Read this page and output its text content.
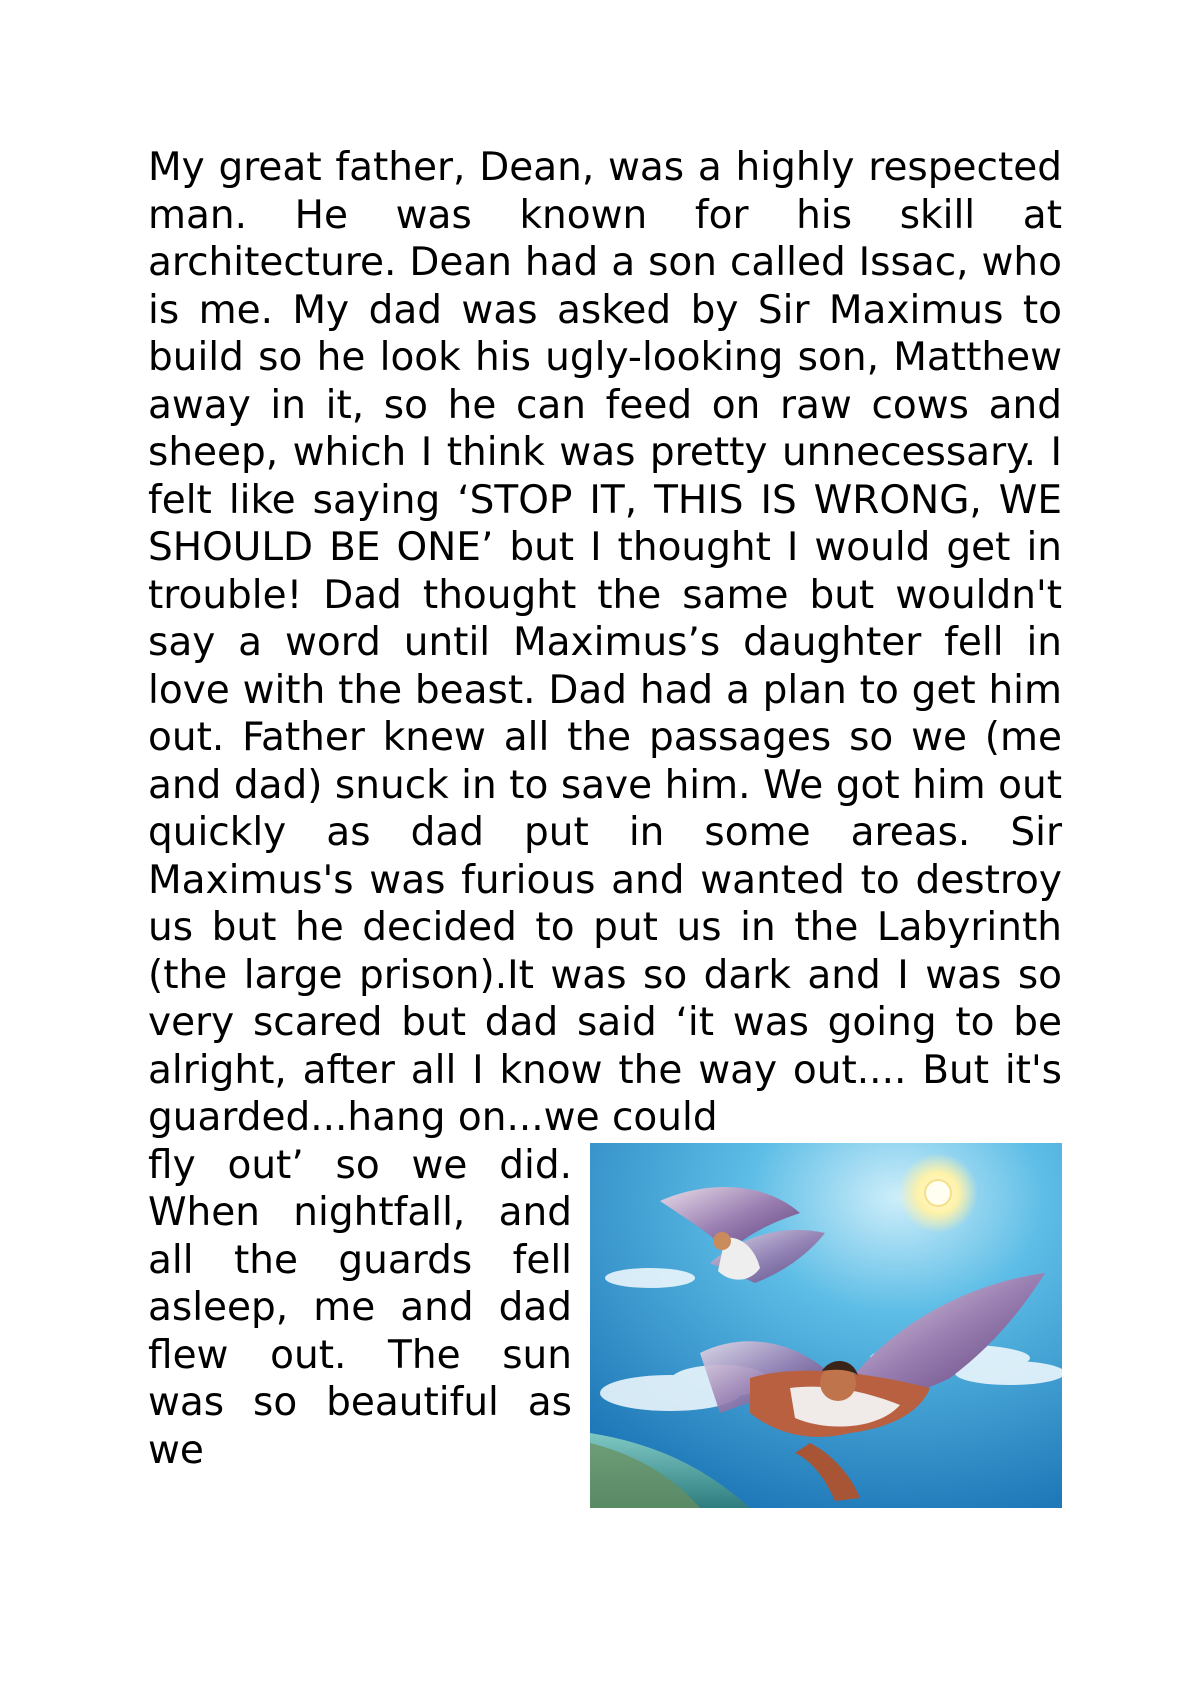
My great father, Dean, was a highly respected man. He was known for his skill at architecture. Dean had a son called Issac, who is me. My dad was asked by Sir Maximus to build so he look his ugly-looking son, Matthew away in it, so he can feed on raw cows and sheep, which I think was pretty unnecessary. I felt like saying ‘STOP IT, THIS IS WRONG, WE SHOULD BE ONE’ but I thought I would get in trouble! Dad thought the same but wouldn't say a word until Maximus’s daughter fell in love with the beast. Dad had a plan to get him out. Father knew all the passages so we (me and dad) snuck in to save him. We got him out quickly as dad put in some areas. Sir Maximus's was furious and wanted to destroy us but he decided to put us in the Labyrinth (the large prison).It was so dark and I was so very scared but dad said ‘it was going to be alright, after all I know the way out.... But it's guarded...hang on...we could

fly out’ so we did. When nightfall, and all the guards fell asleep, me and dad flew out. The sun was so beautiful as we
